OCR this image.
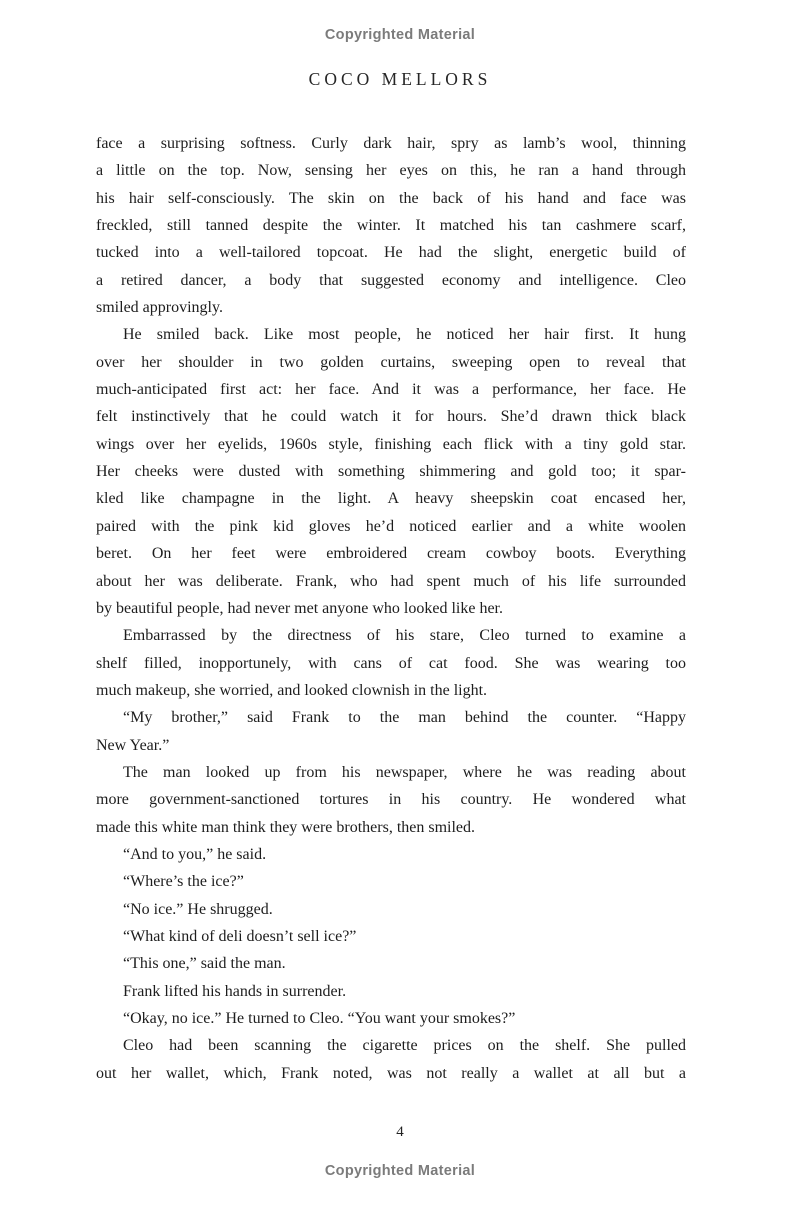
Copyrighted Material
COCO MELLORS
face a surprising softness. Curly dark hair, spry as lamb’s wool, thinning
a little on the top. Now, sensing her eyes on this, he ran a hand through
his hair self-consciously. The skin on the back of his hand and face was
freckled, still tanned despite the winter. It matched his tan cashmere scarf,
tucked into a well-tailored topcoat. He had the slight, energetic build of
a retired dancer, a body that suggested economy and intelligence. Cleo
smiled approvingly.
He smiled back. Like most people, he noticed her hair first. It hung
over her shoulder in two golden curtains, sweeping open to reveal that
much-anticipated first act: her face. And it was a performance, her face. He
felt instinctively that he could watch it for hours. She’d drawn thick black
wings over her eyelids, 1960s style, finishing each flick with a tiny gold star.
Her cheeks were dusted with something shimmering and gold too; it spar-
kled like champagne in the light. A heavy sheepskin coat encased her,
paired with the pink kid gloves he’d noticed earlier and a white woolen
beret. On her feet were embroidered cream cowboy boots. Everything
about her was deliberate. Frank, who had spent much of his life surrounded
by beautiful people, had never met anyone who looked like her.
Embarrassed by the directness of his stare, Cleo turned to examine a
shelf filled, inopportunely, with cans of cat food. She was wearing too
much makeup, she worried, and looked clownish in the light.
“My brother,” said Frank to the man behind the counter. “Happy
New Year.”
The man looked up from his newspaper, where he was reading about
more government-sanctioned tortures in his country. He wondered what
made this white man think they were brothers, then smiled.
“And to you,” he said.
“Where’s the ice?”
“No ice.” He shrugged.
“What kind of deli doesn’t sell ice?”
“This one,” said the man.
Frank lifted his hands in surrender.
“Okay, no ice.” He turned to Cleo. “You want your smokes?”
Cleo had been scanning the cigarette prices on the shelf. She pulled
out her wallet, which, Frank noted, was not really a wallet at all but a
4
Copyrighted Material
